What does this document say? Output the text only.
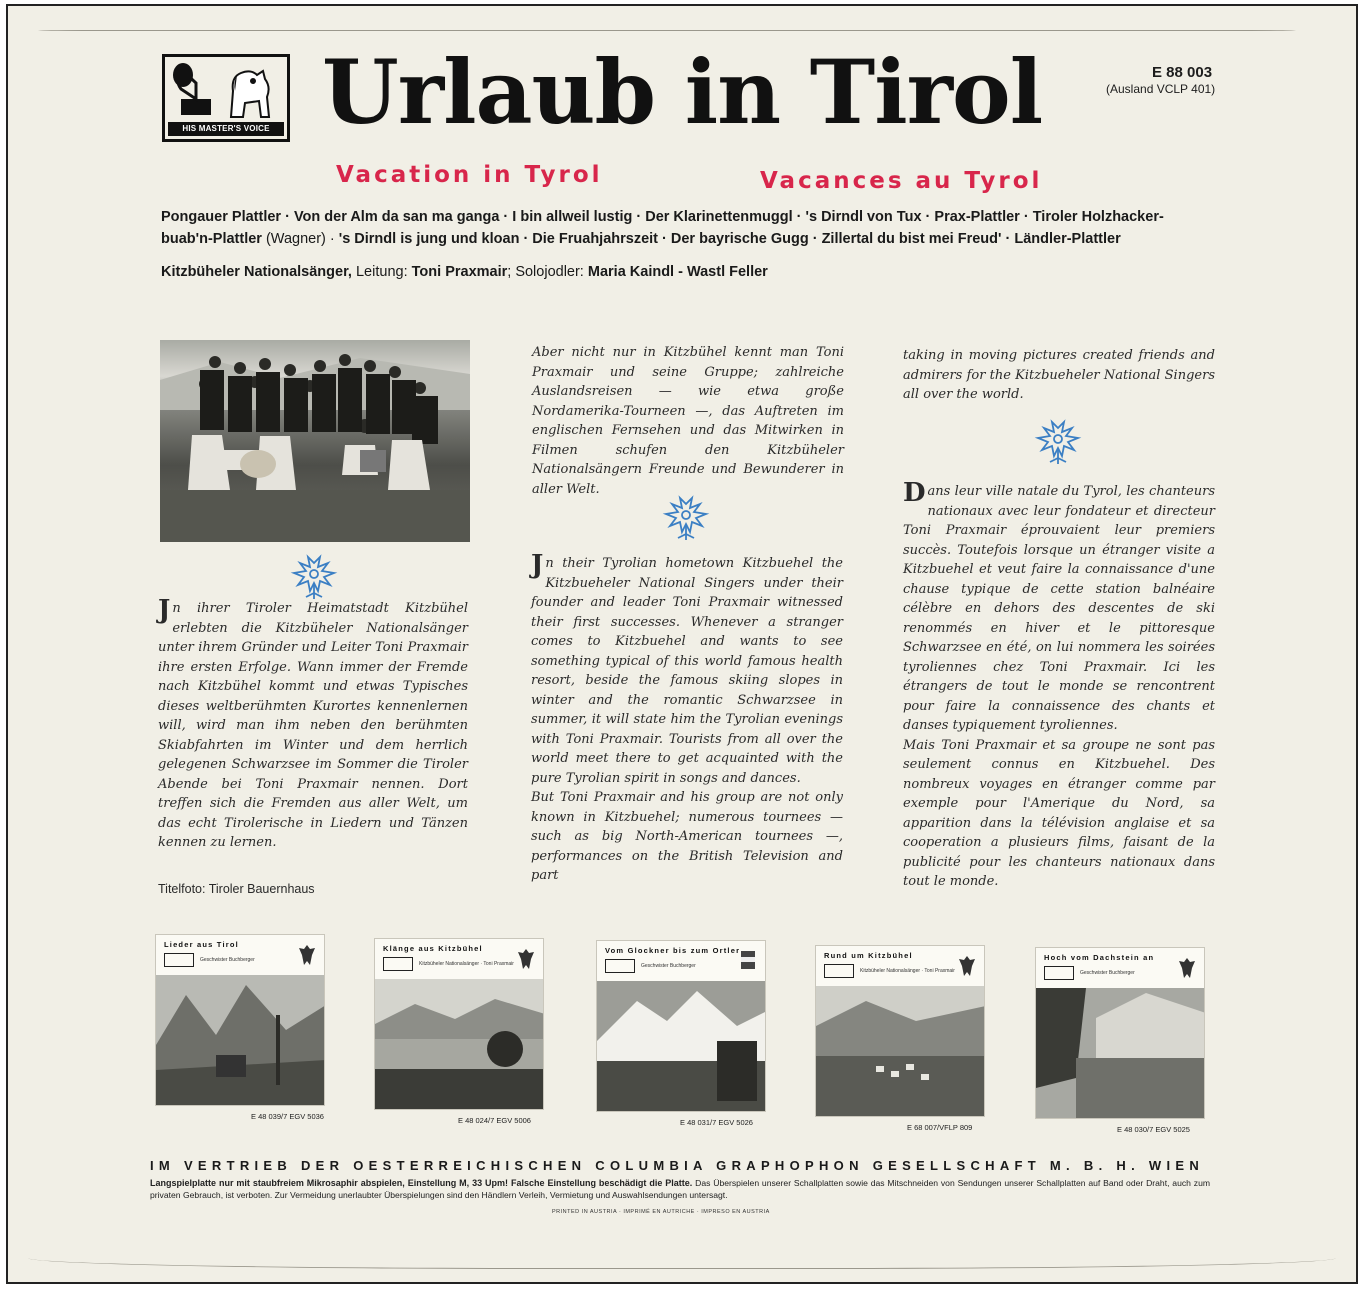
HIS MASTER'S VOICE Urlaub in Tirol	E 88 003
(Ausland VCLP 401)
Vacation in Tyrol	Vacances au Tyrol
Pongauer Plattler · Von der Alm da san ma ganga · I bin allweil lustig · Der Klarinettenmuggl · 's Dirndl von Tux · Prax-Plattler · Tiroler Holzhacker-
buab'n-Plattler (Wagner) · 's Dirndl is jung und kloan · Die Fruahjahrszeit · Der bayrische Gugg · Zillertal du bist mei Freud' · Ländler-Plattler
Kitzbüheler Nationalsänger, Leitung: Toni Praxmair; Solojodler: Maria Kaindl - Wastl Feller

Jn ihrer Tiroler Heimatstadt Kitzbühel erlebten die Kitzbüheler Nationalsänger unter ihrem Gründer und Leiter Toni Praxmair ihre ersten Erfolge. Wann immer der Fremde nach Kitzbühel kommt und etwas Typisches dieses weltberühmten Kurortes kennenlernen will, wird man ihm neben den berühmten Skiabfahrten im Winter und dem herrlich gelegenen Schwarzsee im Sommer die Tiroler Abende bei Toni Praxmair nennen. Dort treffen sich die Fremden aus aller Welt, um das echt Tirolerische in Liedern und Tänzen kennen zu lernen.

Titelfoto: Tiroler Bauernhaus

Aber nicht nur in Kitzbühel kennt man Toni Praxmair und seine Gruppe; zahlreiche Auslandsreisen — wie etwa große Nordamerika-Tourneen —, das Auftreten im englischen Fernsehen und das Mitwirken in Filmen schufen den Kitzbüheler Nationalsängern Freunde und Bewunderer in aller Welt.

Jn their Tyrolian hometown Kitzbuehel the Kitzbueheler National Singers under their founder and leader Toni Praxmair witnessed their first successes. Whenever a stranger comes to Kitzbuehel and wants to see something typical of this world famous health resort, beside the famous skiing slopes in winter and the romantic Schwarzsee in summer, it will state him the Tyrolian evenings with Toni Praxmair. Tourists from all over the world meet there to get acquainted with the pure Tyrolian spirit in songs and dances.

But Toni Praxmair and his group are not only known in Kitzbuehel; numerous tournees — such as big North-American tournees —, performances on the British Television and part

taking in moving pictures created friends and admirers for the Kitzbueheler National Singers all over the world.

Dans leur ville natale du Tyrol, les chanteurs nationaux avec leur fondateur et directeur Toni Praxmair éprouvaient leur premiers succès. Toutefois lorsque un étranger visite a Kitzbuehel et veut faire la connaissance d'une chause typique de cette station balnéaire célèbre en dehors des descentes de ski renommés en hiver et le pittoresque Schwarzsee en été, on lui nommera les soirées tyroliennes chez Toni Praxmair. Ici les étrangers de tout le monde se rencontrent pour faire la connaissence des chants et danses typiquement tyroliennes.

Mais Toni Praxmair et sa groupe ne sont pas seulement connus en Kitzbuehel. Des nombreux voyages en étranger comme par exemple pour l'Amerique du Nord, sa apparition dans la télévision anglaise et sa cooperation a plusieurs films, faisant de la publicité pour les chanteurs nationaux dans tout le monde.

Lieder aus Tirol
Geschwister Buchberger
E 48 039/7 EGV 5036
Klänge aus Kitzbühel
Kitzbüheler Nationalsänger · Toni Praxmair
E 48 024/7 EGV 5006
Vom Glockner bis zum Ortler
Geschwister Buchberger
E 48 031/7 EGV 5026
Rund um Kitzbühel
Kitzbüheler Nationalsänger · Toni Praxmair
E 68 007/VFLP 809
Hoch vom Dachstein an
Geschwister Buchberger
E 48 030/7 EGV 5025
IM VERTRIEB DER OESTERREICHISCHEN COLUMBIA GRAPHOPHON GESELLSCHAFT M. B. H. WIEN
Langspielplatte nur mit staubfreiem Mikrosaphir abspielen, Einstellung M, 33 Upm! Falsche Einstellung beschädigt die Platte. Das Überspielen unserer Schallplatten sowie das Mitschneiden von Sendungen unserer Schallplatten auf Band oder Draht, auch zum privaten Gebrauch, ist verboten. Zur Vermeidung unerlaubter Überspielungen sind den Händlern Verleih, Vermietung und Auswahlsendungen untersagt.
PRINTED IN AUSTRIA · IMPRIMÉ EN AUTRICHE · IMPRESO EN AUSTRIA
